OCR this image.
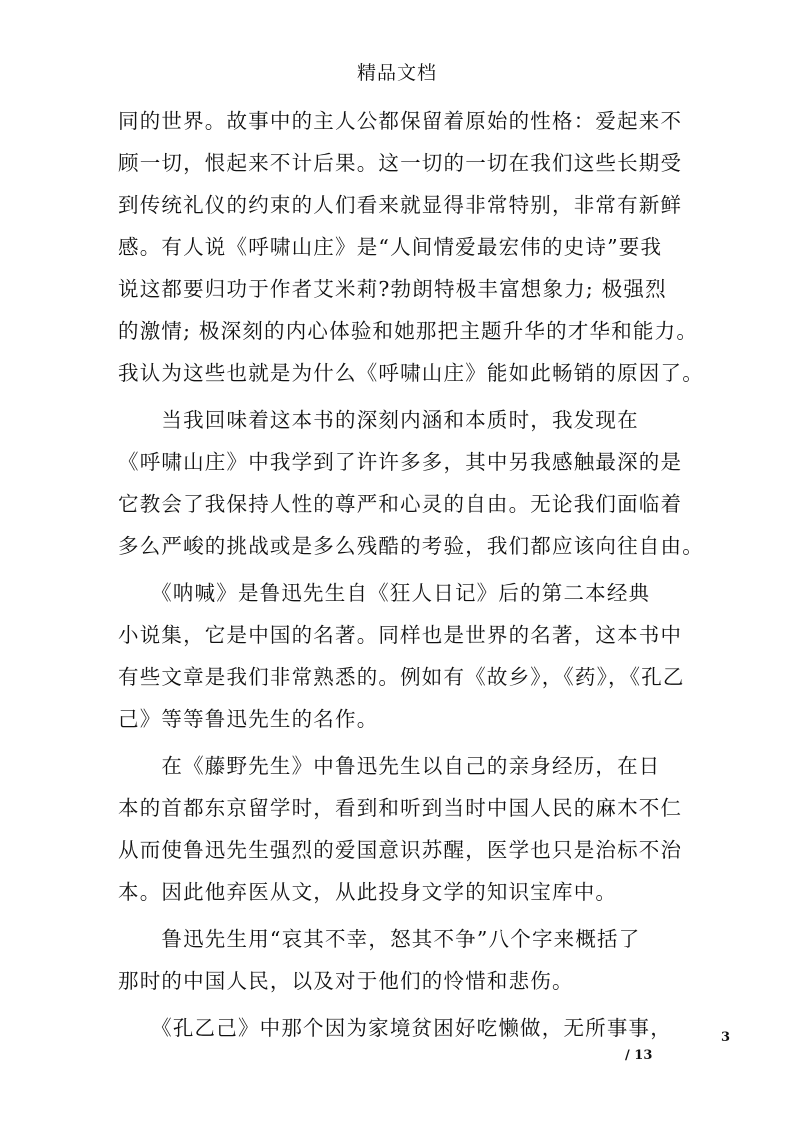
精品文档
同的世界。故事中的主人公都保留着原始的性格：爱起来不
顾一切，恨起来不计后果。这一切的一切在我们这些长期受
到传统礼仪的约束的人们看来就显得非常特别，非常有新鲜
感。有人说《呼啸山庄》是“人间情爱最宏伟的史诗”要我
说这都要归功于作者艾米莉?勃朗特极丰富想象力; 极强烈
的激情; 极深刻的内心体验和她那把主题升华的才华和能力。
我认为这些也就是为什么《呼啸山庄》能如此畅销的原因了。
　　当我回味着这本书的深刻内涵和本质时，我发现在
《呼啸山庄》中我学到了许许多多，其中另我感触最深的是
它教会了我保持人性的尊严和心灵的自由。无论我们面临着
多么严峻的挑战或是多么残酷的考验，我们都应该向往自由。
　　《呐喊》是鲁迅先生自《狂人日记》后的第二本经典
小说集，它是中国的名著。同样也是世界的名著，这本书中
有些文章是我们非常熟悉的。例如有《故乡》，《药》，《孔乙
己》等等鲁迅先生的名作。
　　在《藤野先生》中鲁迅先生以自己的亲身经历，在日
本的首都东京留学时，看到和听到当时中国人民的麻木不仁
从而使鲁迅先生强烈的爱国意识苏醒，医学也只是治标不治
本。因此他弃医从文，从此投身文学的知识宝库中。
　　鲁迅先生用“哀其不幸，怒其不争”八个字来概括了
那时的中国人民，以及对于他们的怜惜和悲伤。
　　《孔乙己》中那个因为家境贫困好吃懒做，无所事事，	3
/ 13
